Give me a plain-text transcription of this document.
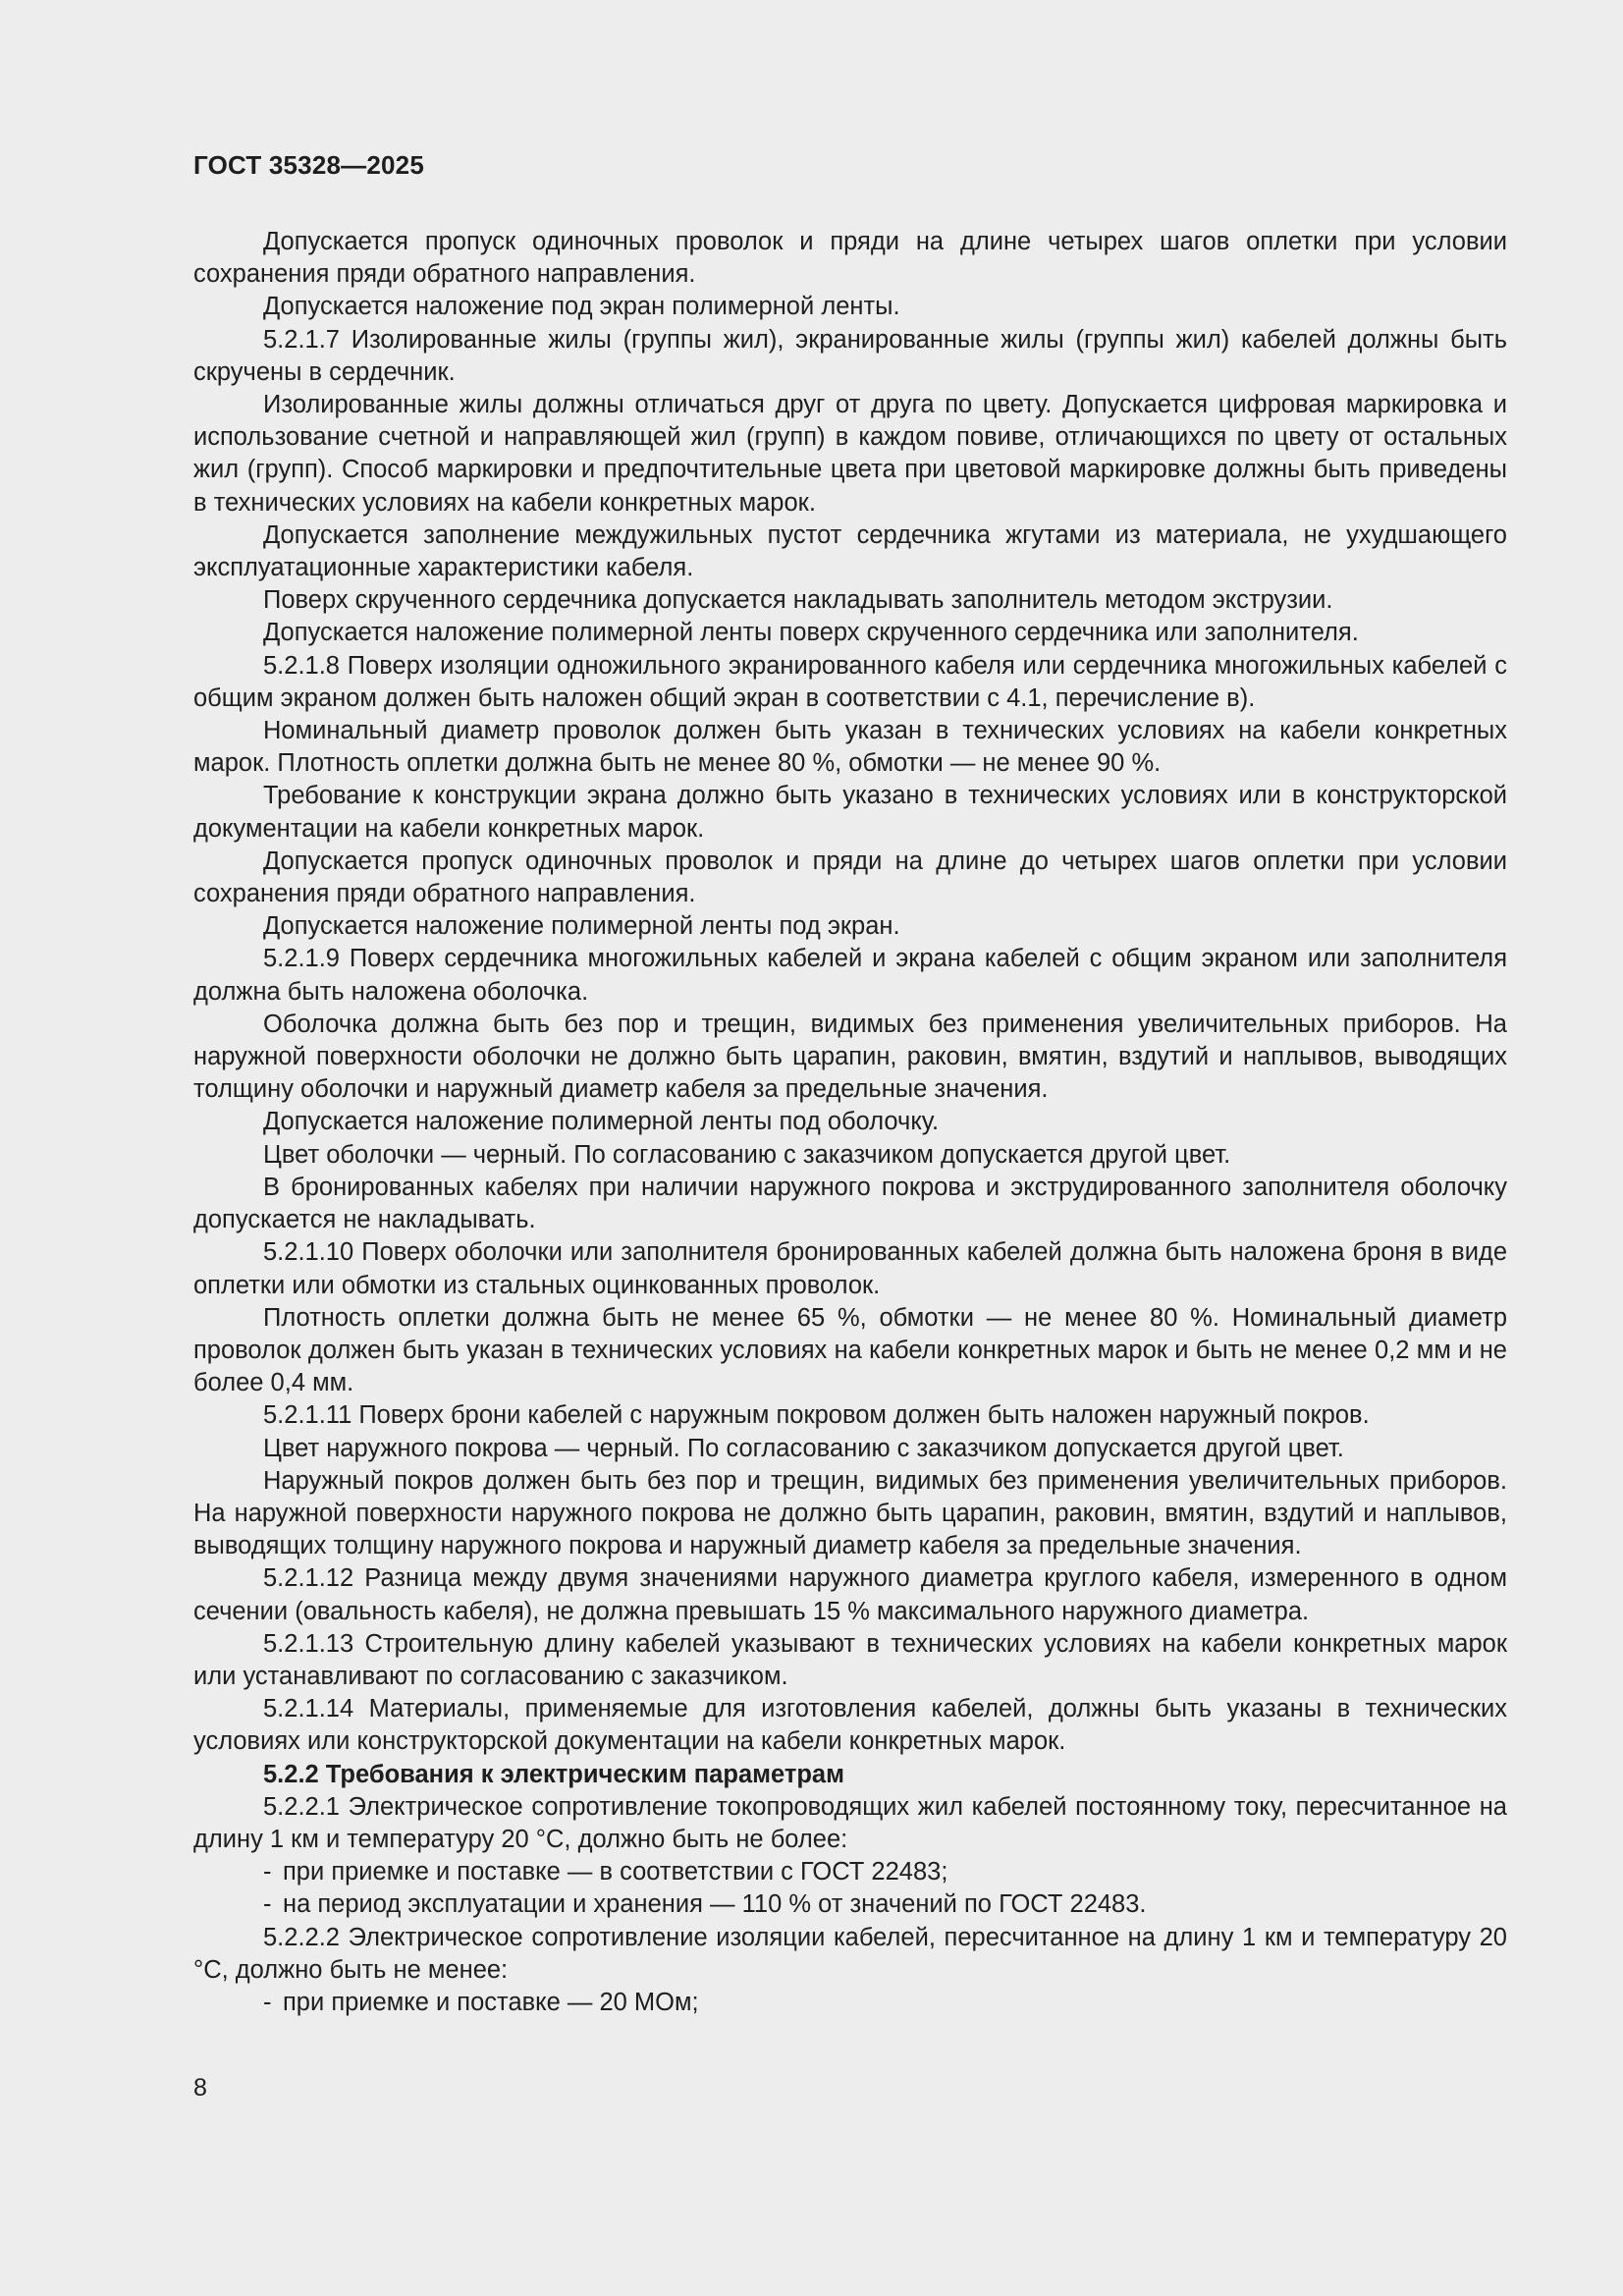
ГОСТ 35328—2025

Допускается пропуск одиночных проволок и пряди на длине четырех шагов оплетки при условии сохранения пряди обратного направления.

Допускается наложение под экран полимерной ленты.

5.2.1.7 Изолированные жилы (группы жил), экранированные жилы (группы жил) кабелей должны быть скручены в сердечник.

Изолированные жилы должны отличаться друг от друга по цвету. Допускается цифровая маркировка и использование счетной и направляющей жил (групп) в каждом повиве, отличающихся по цвету от остальных жил (групп). Способ маркировки и предпочтительные цвета при цветовой маркировке должны быть приведены в технических условиях на кабели конкретных марок.

Допускается заполнение междужильных пустот сердечника жгутами из материала, не ухудшающего эксплуатационные характеристики кабеля.

Поверх скрученного сердечника допускается накладывать заполнитель методом экструзии.

Допускается наложение полимерной ленты поверх скрученного сердечника или заполнителя.

5.2.1.8 Поверх изоляции одножильного экранированного кабеля или сердечника многожильных кабелей с общим экраном должен быть наложен общий экран в соответствии с 4.1, перечисление в).

Номинальный диаметр проволок должен быть указан в технических условиях на кабели конкретных марок. Плотность оплетки должна быть не менее 80 %, обмотки — не менее 90 %.

Требование к конструкции экрана должно быть указано в технических условиях или в конструкторской документации на кабели конкретных марок.

Допускается пропуск одиночных проволок и пряди на длине до четырех шагов оплетки при условии сохранения пряди обратного направления.

Допускается наложение полимерной ленты под экран.

5.2.1.9 Поверх сердечника многожильных кабелей и экрана кабелей с общим экраном или заполнителя должна быть наложена оболочка.

Оболочка должна быть без пор и трещин, видимых без применения увеличительных приборов. На наружной поверхности оболочки не должно быть царапин, раковин, вмятин, вздутий и наплывов, выводящих толщину оболочки и наружный диаметр кабеля за предельные значения.

Допускается наложение полимерной ленты под оболочку.

Цвет оболочки — черный. По согласованию с заказчиком допускается другой цвет.

В бронированных кабелях при наличии наружного покрова и экструдированного заполнителя оболочку допускается не накладывать.

5.2.1.10 Поверх оболочки или заполнителя бронированных кабелей должна быть наложена броня в виде оплетки или обмотки из стальных оцинкованных проволок.

Плотность оплетки должна быть не менее 65 %, обмотки — не менее 80 %. Номинальный диаметр проволок должен быть указан в технических условиях на кабели конкретных марок и быть не менее 0,2 мм и не более 0,4 мм.

5.2.1.11 Поверх брони кабелей с наружным покровом должен быть наложен наружный покров.

Цвет наружного покрова — черный. По согласованию с заказчиком допускается другой цвет.

Наружный покров должен быть без пор и трещин, видимых без применения увеличительных приборов. На наружной поверхности наружного покрова не должно быть царапин, раковин, вмятин, вздутий и наплывов, выводящих толщину наружного покрова и наружный диаметр кабеля за предельные значения.

5.2.1.12 Разница между двумя значениями наружного диаметра круглого кабеля, измеренного в одном сечении (овальность кабеля), не должна превышать 15 % максимального наружного диаметра.

5.2.1.13 Строительную длину кабелей указывают в технических условиях на кабели конкретных марок или устанавливают по согласованию с заказчиком.

5.2.1.14 Материалы, применяемые для изготовления кабелей, должны быть указаны в технических условиях или конструкторской документации на кабели конкретных марок.

5.2.2 Требования к электрическим параметрам

5.2.2.1 Электрическое сопротивление токопроводящих жил кабелей постоянному току, пересчитанное на длину 1 км и температуру 20 °C, должно быть не более:

- при приемке и поставке — в соответствии с ГОСТ 22483;

- на период эксплуатации и хранения — 110 % от значений по ГОСТ 22483.

5.2.2.2 Электрическое сопротивление изоляции кабелей, пересчитанное на длину 1 км и температуру 20 °C, должно быть не менее:

- при приемке и поставке — 20 МОм;

8
